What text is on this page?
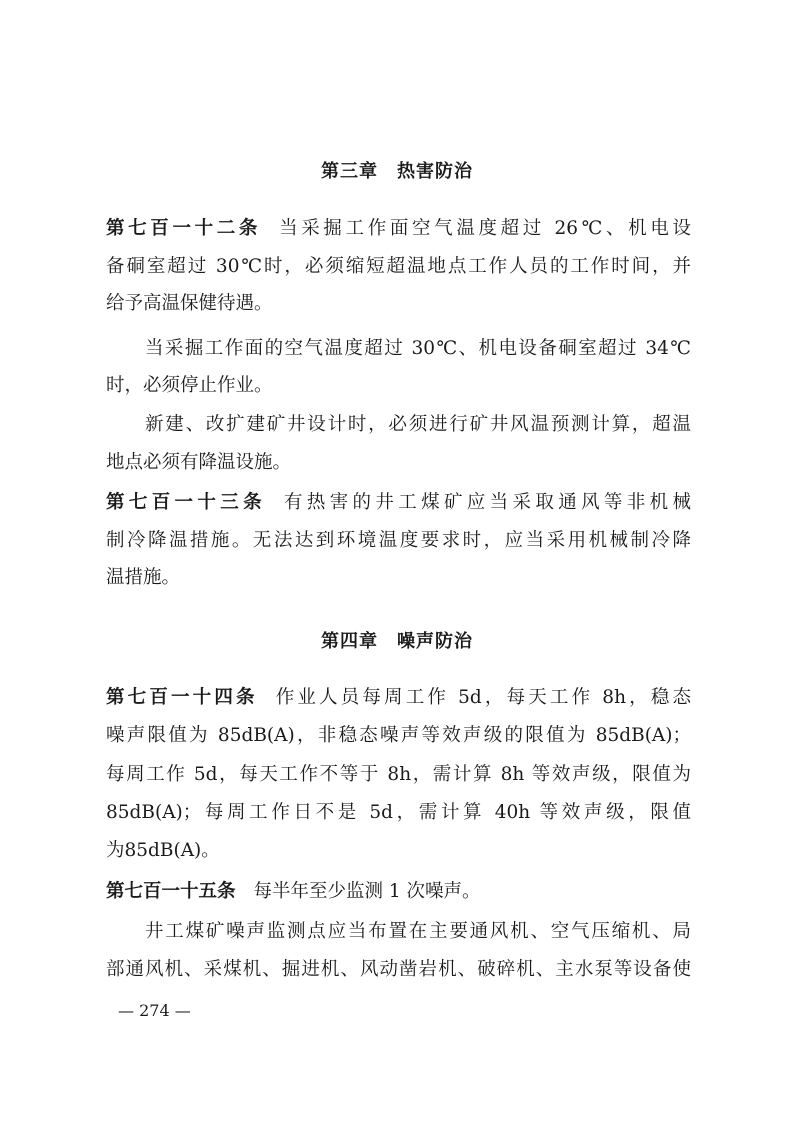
第三章　热害防治
第七百一十二条 当采掘工作面空气温度超过 26℃、机电设
备硐室超过 30℃时，必须缩短超温地点工作人员的工作时间，并
给予高温保健待遇。
当采掘工作面的空气温度超过 30℃、机电设备硐室超过 34℃
时，必须停止作业。
新建、改扩建矿井设计时，必须进行矿井风温预测计算，超温
地点必须有降温设施。
第七百一十三条 有热害的井工煤矿应当采取通风等非机械
制冷降温措施。无法达到环境温度要求时，应当采用机械制冷降
温措施。
第四章　噪声防治
第七百一十四条 作业人员每周工作 5d，每天工作 8h，稳态
噪声限值为 85dB(A)，非稳态噪声等效声级的限值为 85dB(A)；
每周工作 5d，每天工作不等于 8h，需计算 8h 等效声级，限值为
85dB(A)；每周工作日不是 5d，需计算 40h 等效声级，限值
为85dB(A)。
第七百一十五条 每半年至少监测 1 次噪声。
井工煤矿噪声监测点应当布置在主要通风机、空气压缩机、局
部通风机、采煤机、掘进机、风动凿岩机、破碎机、主水泵等设备使
— 274 —
